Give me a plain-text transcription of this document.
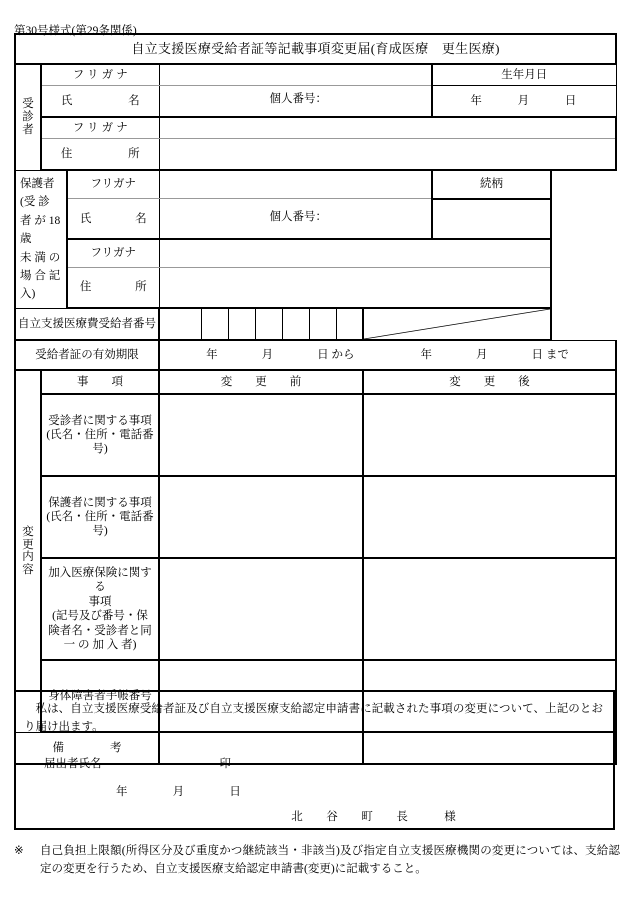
第30号様式(第29条関係)
自立支援医療受給者証等記載事項変更届(育成医療　更生医療)											

受
診
者	フリガナ										生年月日
	氏　　名		個人番号：								年 月 日
	フリガナ										
	住　　所										

保護者(受 診 者 が 18歳
未 満 の 場 合 記 入)		フリガナ									続柄
		氏　　名	個人番号：								

		フリガナ									
		住　　所									
自立支援医療費受給者番号								

受給者証の有効期限			年 月 日 から 年 月 日 まで								

変
更
内
容	事　　項		変　　更　　前							変　　更　　後	

	受診者に関する事項
(氏名・住所・電話番
号)										

	保護者に関する事項
(氏名・住所・電話番
号)										

	加入医療保険に関する
事項
(記号及び番号・保
険者名・受診者と同
一 の 加 入 者)										

	身体障害者手帳番号										

備　　　　考											
私は、自立支援医療受給者証及び自立支援医療支給認定申請書に記載された事項の変更について、上記のとおり届け出ます。
届出者氏名	印
年	月	日
北 谷 町 長 様
※ 自己負担上限額(所得区分及び重度かつ継続該当・非該当)及び指定自立支援医療機関の変更については、支給認定の変更を行うため、自立支援医療支給認定申請書(変更)に記載すること。
